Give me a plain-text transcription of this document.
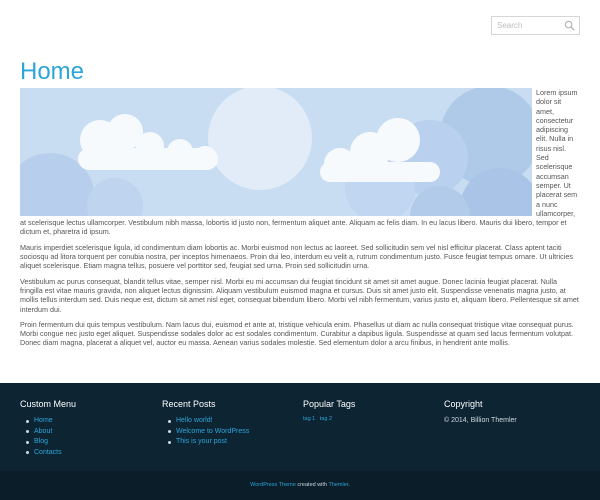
Search
Home

Lorem ipsum dolor sit amet, consectetur adipiscing elit. Nulla in risus nisl. Sed scelerisque accumsan semper. Ut placerat sem a nunc ullamcorper, at scelerisque lectus ullamcorper. Vestibulum nibh massa, lobortis id justo non, fermentum aliquet ante. Aliquam ac felis diam. In eu lacus libero. Mauris dui libero, tempor et dictum et, pharetra id ipsum.

Mauris imperdiet scelerisque ligula, id condimentum diam lobortis ac. Morbi euismod non lectus ac laoreet. Sed sollicitudin sem vel nisl efficitur placerat. Class aptent taciti sociosqu ad litora torquent per conubia nostra, per inceptos himenaeos. Proin dui leo, interdum eu velit a, rutrum condimentum justo. Fusce feugiat tempus ornare. Ut ultricies aliquet scelerisque. Etiam magna tellus, posuere vel porttitor sed, feugiat sed urna. Proin sed sollicitudin urna.

Vestibulum ac purus consequat, blandit tellus vitae, semper nisl. Morbi eu mi accumsan dui feugiat tincidunt sit amet sit amet augue. Donec lacinia feugiat placerat. Nulla fringilla est vitae mauris gravida, non aliquet lectus dignissim. Aliquam vestibulum euismod magna et cursus. Duis sit amet justo elit. Suspendisse venenatis magna justo, at mollis tellus interdum sed. Duis neque est, dictum sit amet nisl eget, consequat bibendum libero. Morbi vel nibh fermentum, varius justo et, aliquam libero. Pellentesque sit amet interdum dui.

Proin fermentum dui quis tempus vestibulum. Nam lacus dui, euismod et ante at, tristique vehicula enim. Phasellus ut diam ac nulla consequat tristique vitae consequat purus. Morbi congue nec justo eget aliquet. Suspendisse sodales dolor ac est sodales condimentum. Curabitur a dapibus ligula. Suspendisse at quam sed lacus fermentum volutpat. Donec diam magna, placerat a aliquet vel, auctor eu massa. Aenean varius sodales molestie. Sed elementum dolor a arcu finibus, in hendrerit ante mollis.

Custom Menu
Home
About
Blog
Contacts
Recent Posts
Hello world!
Welcome to WordPress
This is your post
Popular Tags
tag 1 tag 2
Copyright
© 2014, Billion Themler
WordPress Theme created with Themler.
